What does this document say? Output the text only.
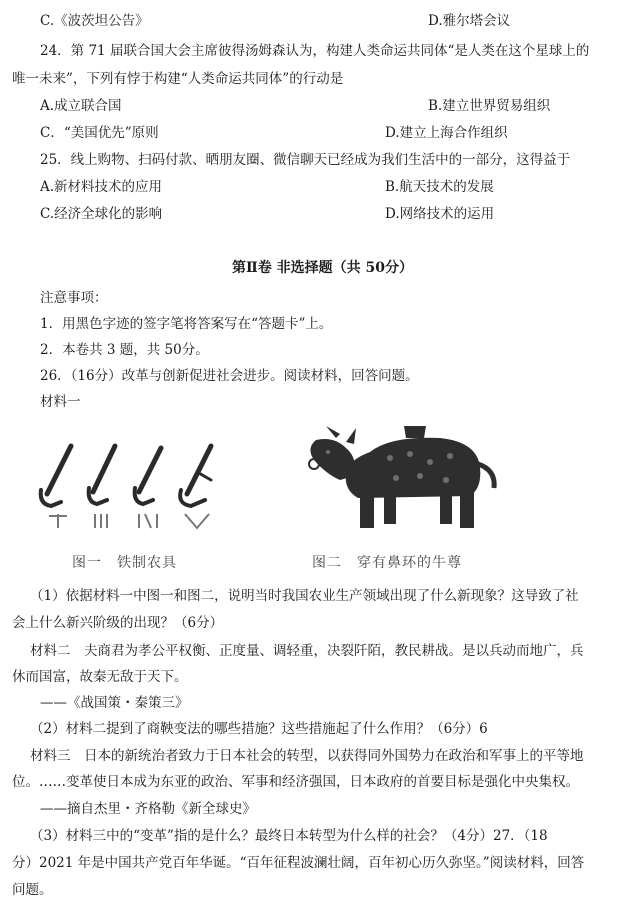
C.《波茨坦公告》	D.雅尔塔会议
24．第 71 届联合国大会主席彼得汤姆森认为，构建人类命运共同体“是人类在这个星球上的
唯一未来”，下列有悖于构建“人类命运共同体”的行动是
A.成立联合国	B.建立世界贸易组织
C．“美国优先”原则	D.建立上海合作组织
25．线上购物、扫码付款、晒朋友圈、微信聊天已经成为我们生活中的一部分，这得益于
A.新材料技术的应用	B.航天技术的发展
C.经济全球化的影响	D.网络技术的运用
第Ⅱ卷 非选择题（共 50分）
注意事项：
1．用黑色字迹的签字笔将答案写在“答题卡”上。
2．本卷共 3 题，共 50分。
26．（16分）改革与创新促进社会进步。阅读材料，回答问题。
材料一
图一　铁制农具	图二　穿有鼻环的牛尊
（1）依据材料一中图一和图二，说明当时我国农业生产领域出现了什么新现象？这导致了社
会上什么新兴阶级的出现？（6分）
材料二　夫商君为孝公平权衡、正度量、调轻重，决裂阡陌，教民耕战。是以兵动而地广，兵
休而国富，故秦无敌于天下。
——《战国策・秦策三》
（2）材料二提到了商鞅变法的哪些措施？这些措施起了什么作用？（6分）6
材料三　日本的新统治者致力于日本社会的转型，以获得同外国势力在政治和军事上的平等地
位。……变革使日本成为东亚的政治、军事和经济强国，日本政府的首要目标是强化中央集权。
——摘自杰里・齐格勒《新全球史》
（3）材料三中的“变革”指的是什么？最终日本转型为什么样的社会？（4分）27．（18
分）2021 年是中国共产党百年华诞。“百年征程波澜壮阔，百年初心历久弥坚。”阅读材料，回答
问题。
